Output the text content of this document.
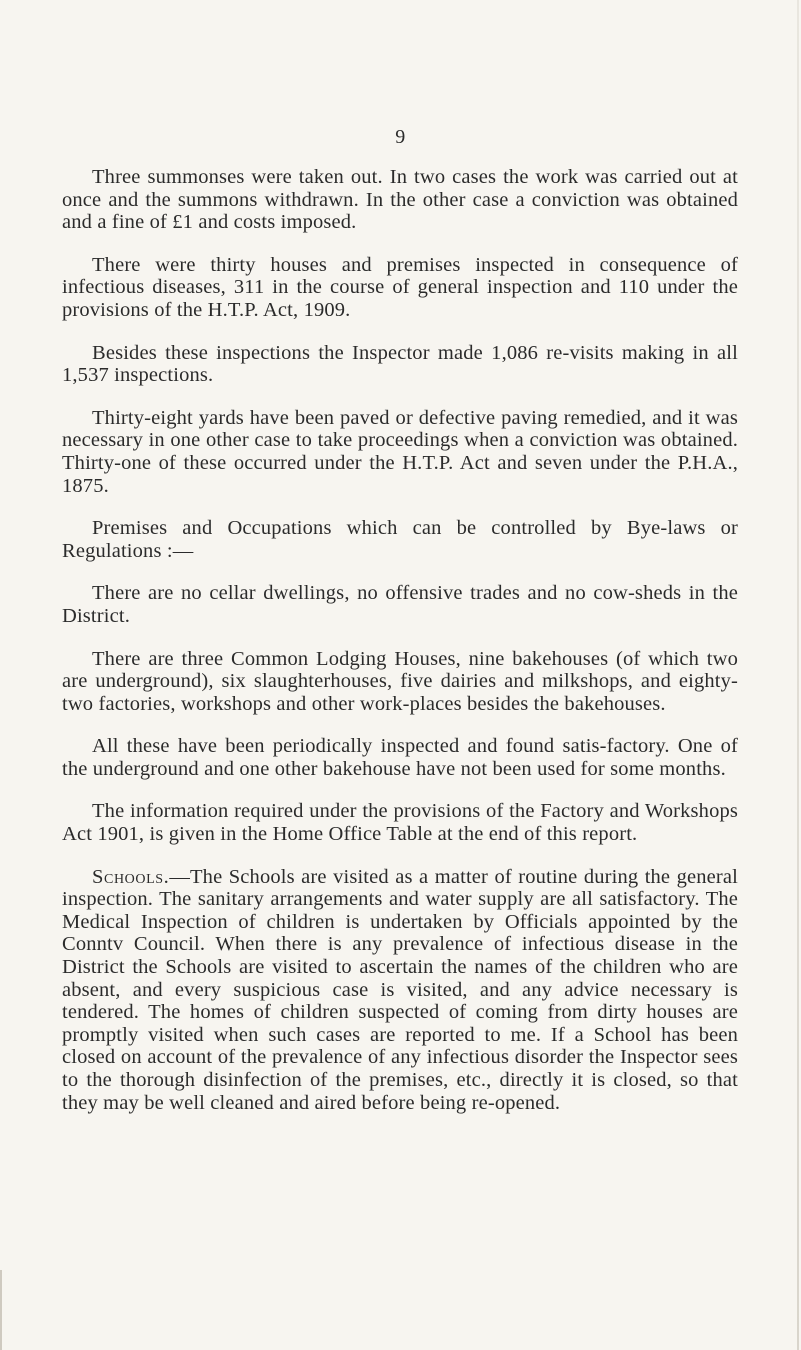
9

Three summonses were taken out. In two cases the work was carried out at once and the summons withdrawn. In the other case a conviction was obtained and a fine of £1 and costs imposed.

There were thirty houses and premises inspected in consequence of infectious diseases, 311 in the course of general inspection and 110 under the provisions of the H.T.P. Act, 1909.

Besides these inspections the Inspector made 1,086 re-visits making in all 1,537 inspections.

Thirty-eight yards have been paved or defective paving remedied, and it was necessary in one other case to take proceedings when a conviction was obtained. Thirty-one of these occurred under the H.T.P. Act and seven under the P.H.A., 1875.

Premises and Occupations which can be controlled by Bye-laws or Regulations :—

There are no cellar dwellings, no offensive trades and no cow-sheds in the District.

There are three Common Lodging Houses, nine bakehouses (of which two are underground), six slaughterhouses, five dairies and milkshops, and eighty-two factories, workshops and other work-places besides the bakehouses.

All these have been periodically inspected and found satis-factory. One of the underground and one other bakehouse have not been used for some months.

The information required under the provisions of the Factory and Workshops Act 1901, is given in the Home Office Table at the end of this report.

Schools.—The Schools are visited as a matter of routine during the general inspection. The sanitary arrangements and water supply are all satisfactory. The Medical Inspection of children is undertaken by Officials appointed by the Conntv Council. When there is any prevalence of infectious disease in the District the Schools are visited to ascertain the names of the children who are absent, and every suspicious case is visited, and any advice necessary is tendered. The homes of children suspected of coming from dirty houses are promptly visited when such cases are reported to me. If a School has been closed on account of the prevalence of any infectious disorder the Inspector sees to the thorough disinfection of the premises, etc., directly it is closed, so that they may be well cleaned and aired before being re-opened.
